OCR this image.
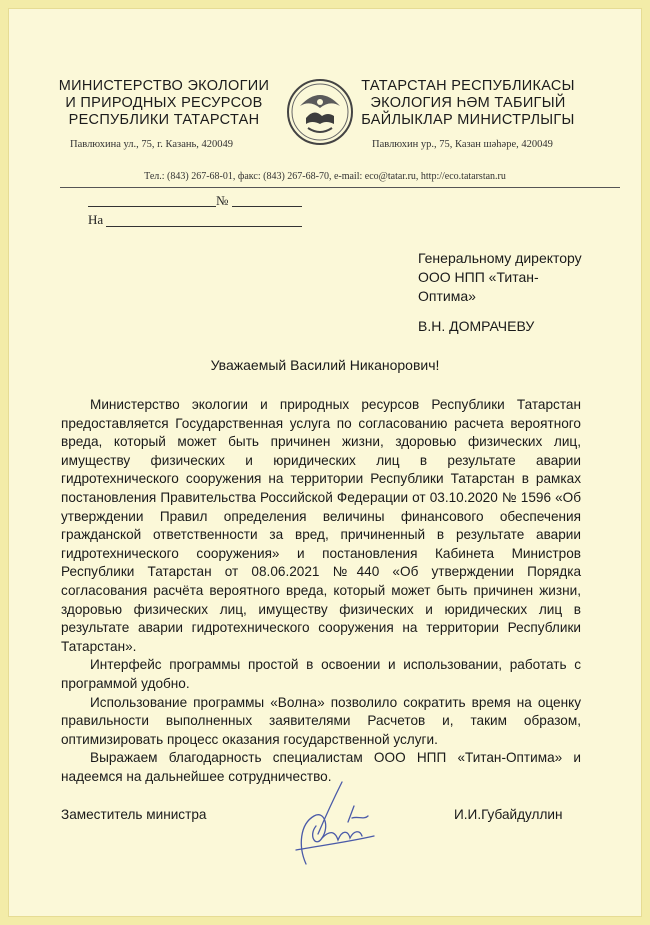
МИНИСТЕРСТВО ЭКОЛОГИИ
И ПРИРОДНЫХ РЕСУРСОВ
РЕСПУБЛИКИ ТАТАРСТАН
Павлюхина ул., 75, г. Казань, 420049
ТАТАРСТАН РЕСПУБЛИКАСЫ
ЭКОЛОГИЯ ҺӘМ ТАБИГЫЙ
БАЙЛЫКЛАР МИНИСТРЛЫГЫ
Павлюхин ур., 75, Казан шәһәре, 420049
Тел.: (843) 267-68-01, факс: (843) 267-68-70, e-mail: eco@tatar.ru, http://eco.tatarstan.ru
№
На
Генеральному директору
ООО НПП «Титан-
Оптима»
В.Н. ДОМРАЧЕВУ
Уважаемый Василий Никанорович!

Министерство экологии и природных ресурсов Республики Татарстан предоставляется Государственная услуга по согласованию расчета вероятного вреда, который может быть причинен жизни, здоровью физических лиц, имуществу физических и юридических лиц в результате аварии гидротехнического сооружения на территории Республики Татарстан в рамках постановления Правительства Российской Федерации от 03.10.2020 № 1596 «Об утверждении Правил определения величины финансового обеспечения гражданской ответственности за вред, причиненный в результате аварии гидротехнического сооружения» и постановления Кабинета Министров Республики Татарстан от 08.06.2021 №440 «Об утверждении Порядка согласования расчёта вероятного вреда, который может быть причинен жизни, здоровью физических лиц, имуществу физических и юридических лиц в результате аварии гидротехнического сооружения на территории Республики Татарстан».

Интерфейс программы простой в освоении и использовании, работать с программой удобно.

Использование программы «Волна» позволило сократить время на оценку правильности выполненных заявителями Расчетов и, таким образом, оптимизировать процесс оказания государственной услуги.

Выражаем благодарность специалистам ООО НПП «Титан-Оптима» и надеемся на дальнейшее сотрудничество.

Заместитель министра	И.И.Губайдуллин
